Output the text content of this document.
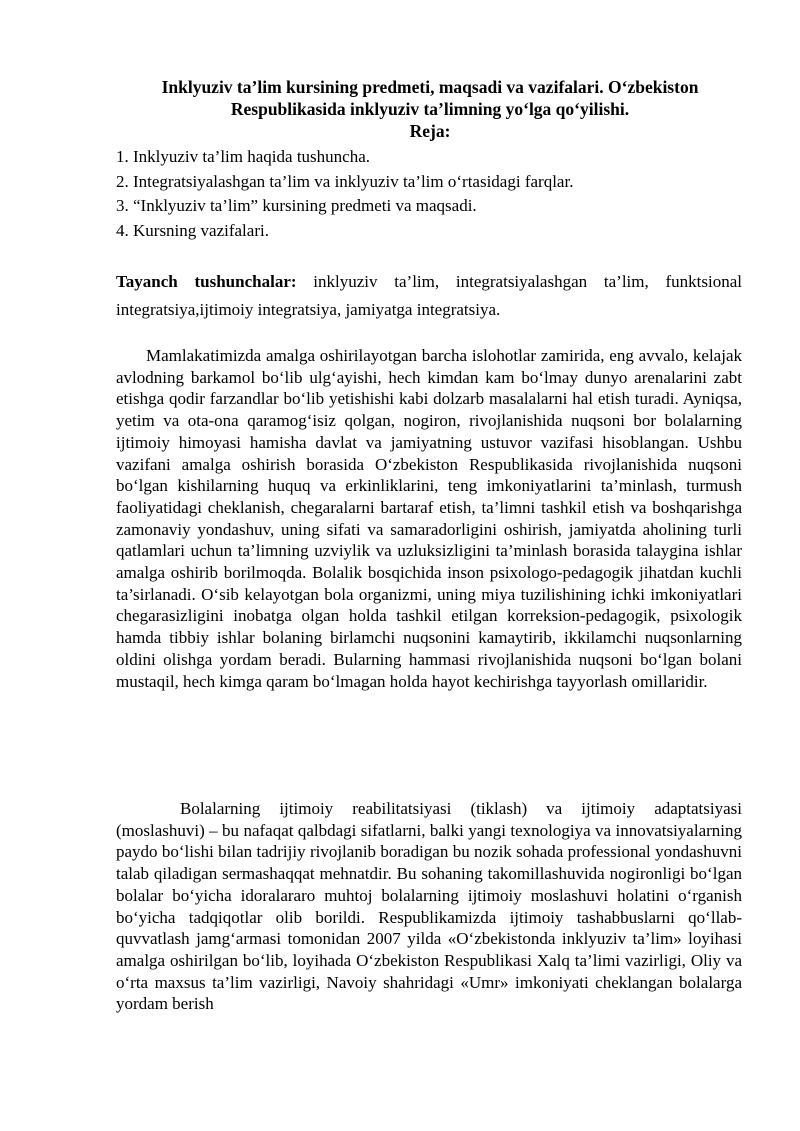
Inklyuziv ta’lim kursining predmeti, maqsadi va vazifalari. O‘zbekiston
Respublikasida inklyuziv ta’limning yo‘lga qo‘yilishi.
Reja:
1. Inklyuziv ta’lim haqida tushuncha.
2. Integratsiyalashgan ta’lim va inklyuziv ta’lim o‘rtasidagi farqlar.
3. “Inklyuziv ta’lim” kursining predmeti va maqsadi.
4. Kursning vazifalari.
Tayanch tushunchalar: inklyuziv ta’lim, integratsiyalashgan ta’lim, funktsional integratsiya,ijtimoiy integratsiya, jamiyatga integratsiya.
Mamlakatimizda amalga oshirilayotgan barcha islohotlar zamirida, eng avvalo, kelajak avlodning barkamol bo‘lib ulg‘ayishi, hech kimdan kam bo‘lmay dunyo arenalarini zabt etishga qodir farzandlar bo‘lib yetishishi kabi dolzarb masalalarni hal etish turadi. Ayniqsa, yetim va ota-ona qaramog‘isiz qolgan, nogiron, rivojlanishida nuqsoni bor bolalarning ijtimoiy himoyasi hamisha davlat va jamiyatning ustuvor vazifasi hisoblangan. Ushbu vazifani amalga oshirish borasida O‘zbekiston Respublikasida rivojlanishida nuqsoni bo‘lgan kishilarning huquq va erkinliklarini, teng imkoniyatlarini ta’minlash, turmush faoliyatidagi cheklanish, chegaralarni bartaraf etish, ta’limni tashkil etish va boshqarishga zamonaviy yondashuv, uning sifati va samaradorligini oshirish, jamiyatda aholining turli qatlamlari uchun ta’limning uzviylik va uzluksizligini ta’minlash borasida talaygina ishlar amalga oshirib borilmoqda. Bolalik bosqichida inson psixologo-pedagogik jihatdan kuchli ta’sirlanadi. O‘sib kelayotgan bola organizmi, uning miya tuzilishining ichki imkoniyatlari chegarasizligini inobatga olgan holda tashkil etilgan korreksion-pedagogik, psixologik hamda tibbiy ishlar bolaning birlamchi nuqsonini kamaytirib, ikkilamchi nuqsonlarning oldini olishga yordam beradi. Bularning hammasi rivojlanishida nuqsoni bo‘lgan bolani mustaqil, hech kimga qaram bo‘lmagan holda hayot kechirishga tayyorlash omillaridir.
Bolalarning ijtimoiy reabilitatsiyasi (tiklash) va ijtimoiy adaptatsiyasi (moslashuvi) – bu nafaqat qalbdagi sifatlarni, balki yangi texnologiya va innovatsiyalarning paydo bo‘lishi bilan tadrijiy rivojlanib boradigan bu nozik sohada professional yondashuvni talab qiladigan sermashaqqat mehnatdir. Bu sohaning takomillashuvida nogironligi bo‘lgan bolalar bo‘yicha idoralararo muhtoj bolalarning ijtimoiy moslashuvi holatini o‘rganish bo‘yicha tadqiqotlar olib borildi. Respublikamizda ijtimoiy tashabbuslarni qo‘llab-quvvatlash jamg‘armasi tomonidan 2007 yilda «O‘zbekistonda inklyuziv ta’lim» loyihasi amalga oshirilgan bo‘lib, loyihada O‘zbekiston Respublikasi Xalq ta’limi vazirligi, Oliy va o‘rta maxsus ta’lim vazirligi, Navoiy shahridagi «Umr» imkoniyati cheklangan bolalarga yordam berish
